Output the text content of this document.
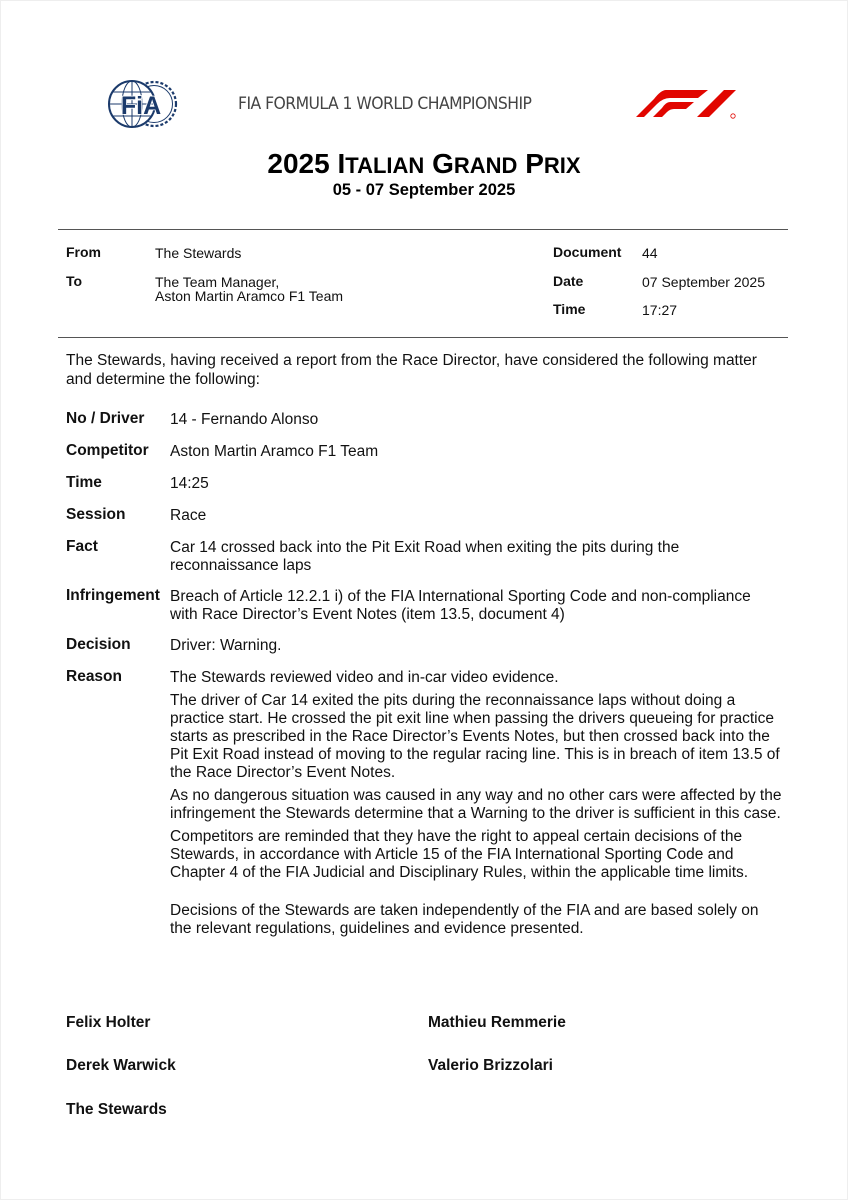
FiA	FIA FORMULA 1 WORLD CHAMPIONSHIP
2025 ITALIAN GRAND PRIX
05 - 07 September 2025
From	The Stewards
To	The Team Manager,
Aston Martin Aramco F1 Team
Document 44
Date	07 September 2025
Time	17:27
The Stewards, having received a report from the Race Director, have considered the following matter and determine the following:
No / Driver 14 - Fernando Alonso
Competitor Aston Martin Aramco F1 Team
Time	14:25
Session	Race
Fact	Car 14 crossed back into the Pit Exit Road when exiting the pits during the reconnaissance laps
Infringement Breach of Article 12.2.1 i) of the FIA International Sporting Code and non-compliance with Race Director’s Event Notes (item 13.5, document 4)
Decision	Driver: Warning.
Reason	The Stewards reviewed video and in-car video evidence.

The driver of Car 14 exited the pits during the reconnaissance laps without doing a practice start. He crossed the pit exit line when passing the drivers queueing for practice starts as prescribed in the Race Director’s Events Notes, but then crossed back into the Pit Exit Road instead of moving to the regular racing line. This is in breach of item 13.5 of the Race Director’s Event Notes.

As no dangerous situation was caused in any way and no other cars were affected by the infringement the Stewards determine that a Warning to the driver is sufficient in this case.

Competitors are reminded that they have the right to appeal certain decisions of the Stewards, in accordance with Article 15 of the FIA International Sporting Code and Chapter 4 of the FIA Judicial and Disciplinary Rules, within the applicable time limits.

Decisions of the Stewards are taken independently of the FIA and are based solely on the relevant regulations, guidelines and evidence presented.

Felix Holter	Mathieu Remmerie
Derek Warwick	Valerio Brizzolari
The Stewards
